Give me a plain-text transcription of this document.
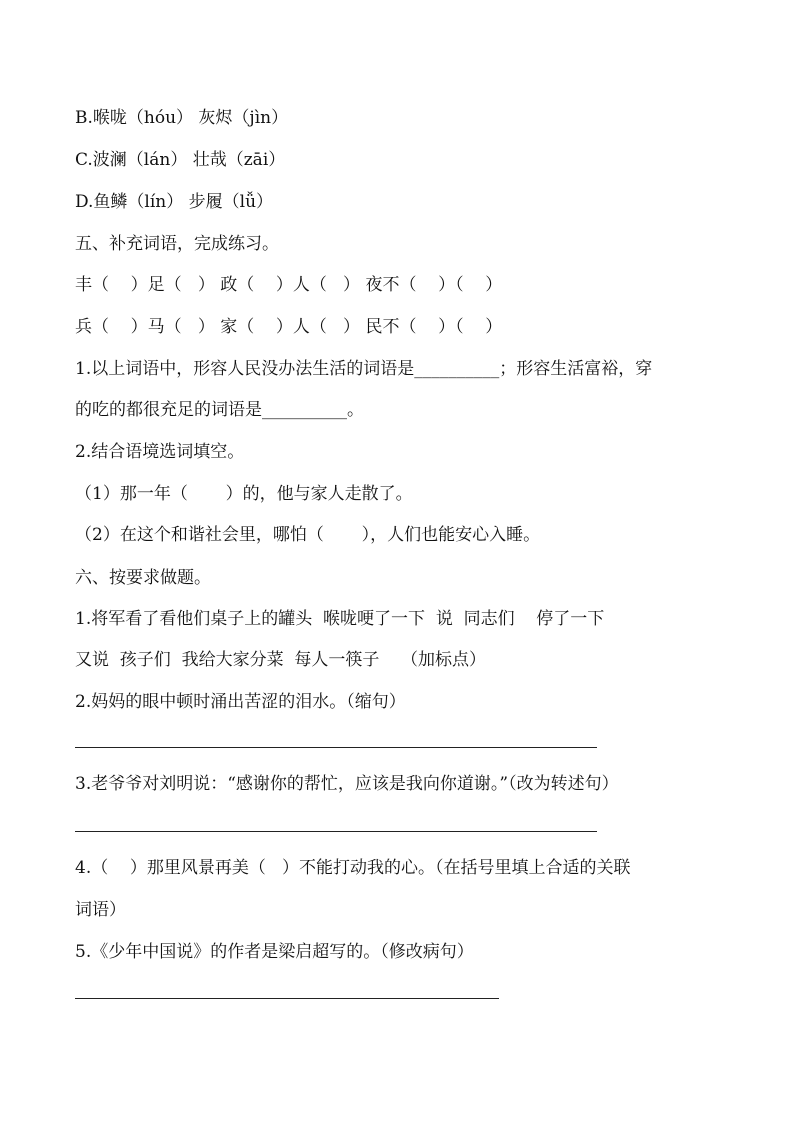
B.喉咙（hóu） 灰烬（jìn）
C.波澜（lán） 壮哉（zāi）
D.鱼鳞（lín） 步履（lǚ）
五、补充词语，完成练习。
丰（    ）足（   ） 政（    ）人（   ） 夜不（    ）（    ）
兵（    ）马（   ） 家（    ）人（   ） 民不（    ）（    ）
1.以上词语中，形容人民没办法生活的词语是__________；形容生活富裕，穿
的吃的都很充足的词语是__________。
2.结合语境选词填空。
（1）那一年（       ）的，他与家人走散了。
（2）在这个和谐社会里，哪怕（       ），人们也能安心入睡。
六、按要求做题。
1.将军看了看他们桌子上的罐头  喉咙哽了一下  说  同志们    停了一下
又说  孩子们  我给大家分菜  每人一筷子    （加标点）
2.妈妈的眼中顿时涌出苦涩的泪水。（缩句）
3.老爷爷对刘明说：“感谢你的帮忙，应该是我向你道谢。”（改为转述句）
4.（    ）那里风景再美（   ）不能打动我的心。（在括号里填上合适的关联
词语）
5.《少年中国说》的作者是梁启超写的。（修改病句）
